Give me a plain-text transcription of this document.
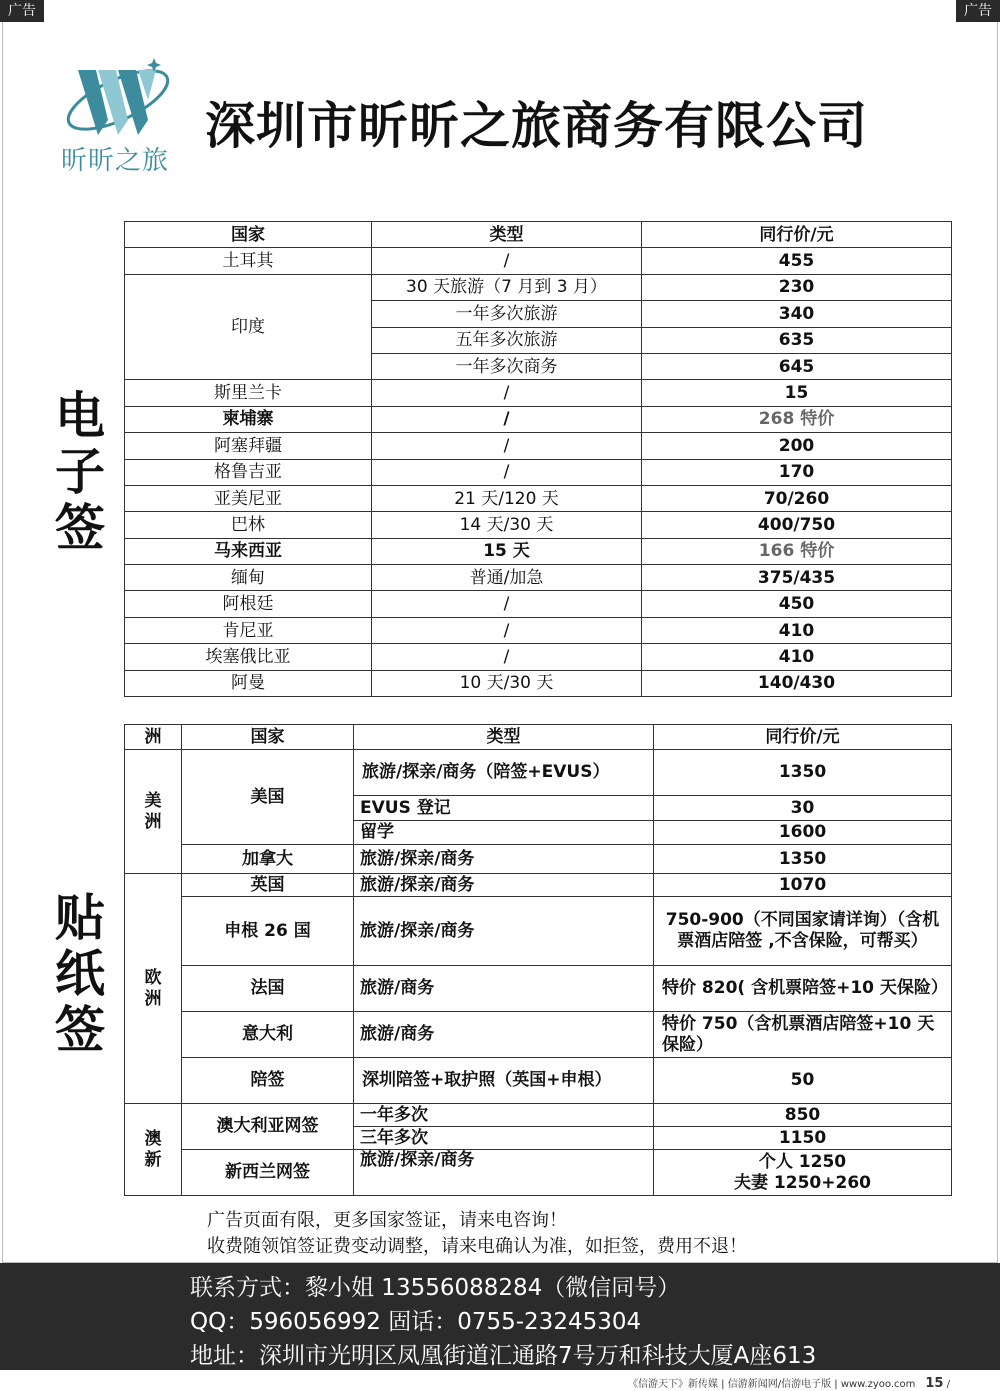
广告	广告
昕昕之旅
深圳市昕昕之旅商务有限公司
电
子
签
国家	类型	同行价/元
土耳其	/	455
印度	30 天旅游（7 月到 3 月）	230
	一年多次旅游	340
	五年多次旅游	635
	一年多次商务	645
斯里兰卡	/	15
柬埔寨	/	268 特价
阿塞拜疆	/	200
格鲁吉亚	/	170
亚美尼亚	21 天/120 天	70/260
巴林	14 天/30 天	400/750
马来西亚	15 天	166 特价
缅甸	普通/加急	375/435
阿根廷	/	450
肯尼亚	/	410
埃塞俄比亚	/	410
阿曼	10 天/30 天	140/430
贴
纸
签
洲	国家	类型	同行价/元
美洲	美国	旅游/探亲/商务（陪签+EVUS）	1350
		EVUS 登记	30
		留学	1600
	加拿大	旅游/探亲/商务	1350
欧洲	英国	旅游/探亲/商务	1070
	申根 26 国	旅游/探亲/商务	750-900（不同国家请详询）（含机票酒店陪签 ,不含保险，可帮买）
	法国	旅游/商务	特价 820( 含机票陪签+10 天保险）
	意大利	旅游/商务	特价 750（含机票酒店陪签+10 天保险）
	陪签	深圳陪签+取护照（英国+申根）	50
澳新	澳大利亚网签	一年多次	850
		三年多次	1150
	新西兰网签	旅游/探亲/商务	个人 1250
夫妻 1250+260
广告页面有限，更多国家签证，请来电咨询！
收费随领馆签证费变动调整，请来电确认为准，如拒签，费用不退！
联系方式：黎小姐 13556088284（微信同号）
QQ：596056992 固话：0755-23245304
地址：深圳市光明区凤凰街道汇通路7号万和科技大厦A座613
《信游天下》新传媒 | 信游新闻网/信游电子版 | www.zyoo.com 15 /
